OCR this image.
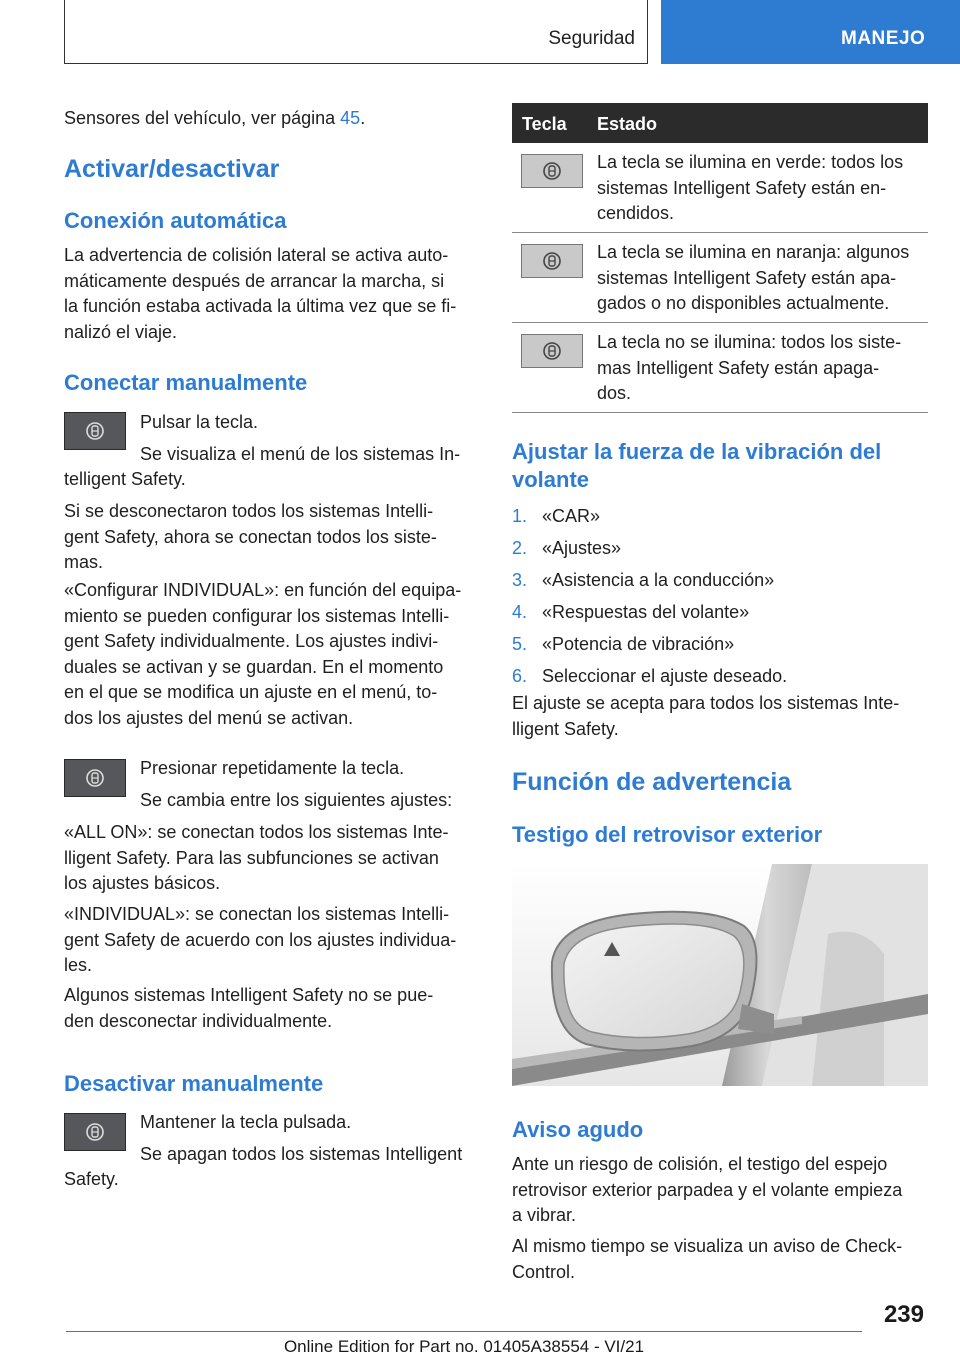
Seguridad	MANEJO
Sensores del vehículo, ver página 45.
Activar/desactivar
Conexión automática
La advertencia de colisión lateral se activa auto-
máticamente después de arrancar la marcha, si
la función estaba activada la última vez que se fi-
nalizó el viaje.
Conectar manualmente
Pulsar la tecla.
Se visualiza el menú de los sistemas In-
telligent Safety.
Si se desconectaron todos los sistemas Intelli-
gent Safety, ahora se conectan todos los siste-
mas.
«Configurar INDIVIDUAL»: en función del equipa-
miento se pueden configurar los sistemas Intelli-
gent Safety individualmente. Los ajustes indivi-
duales se activan y se guardan. En el momento
en el que se modifica un ajuste en el menú, to-
dos los ajustes del menú se activan.
Presionar repetidamente la tecla.
Se cambia entre los siguientes ajustes:
«ALL ON»: se conectan todos los sistemas Inte-
lligent Safety. Para las subfunciones se activan
los ajustes básicos.
«INDIVIDUAL»: se conectan los sistemas Intelli-
gent Safety de acuerdo con los ajustes individua-
les.
Algunos sistemas Intelligent Safety no se pue-
den desconectar individualmente.
Desactivar manualmente
Mantener la tecla pulsada.
Se apagan todos los sistemas Intelligent
Safety.
Tecla Estado
La tecla se ilumina en verde: todos los
sistemas Intelligent Safety están en-
cendidos.
La tecla se ilumina en naranja: algunos
sistemas Intelligent Safety están apa-
gados o no disponibles actualmente.
La tecla no se ilumina: todos los siste-
mas Intelligent Safety están apaga-
dos.
Ajustar la fuerza de la vibración del
volante
1. «CAR»
2. «Ajustes»
3. «Asistencia a la conducción»
4. «Respuestas del volante»
5. «Potencia de vibración»
6. Seleccionar el ajuste deseado.
El ajuste se acepta para todos los sistemas Inte-
lligent Safety.
Función de advertencia
Testigo del retrovisor exterior
Aviso agudo
Ante un riesgo de colisión, el testigo del espejo
retrovisor exterior parpadea y el volante empieza
a vibrar.
Al mismo tiempo se visualiza un aviso de Check-
Control.
239
Online Edition for Part no. 01405A38554 - VI/21
